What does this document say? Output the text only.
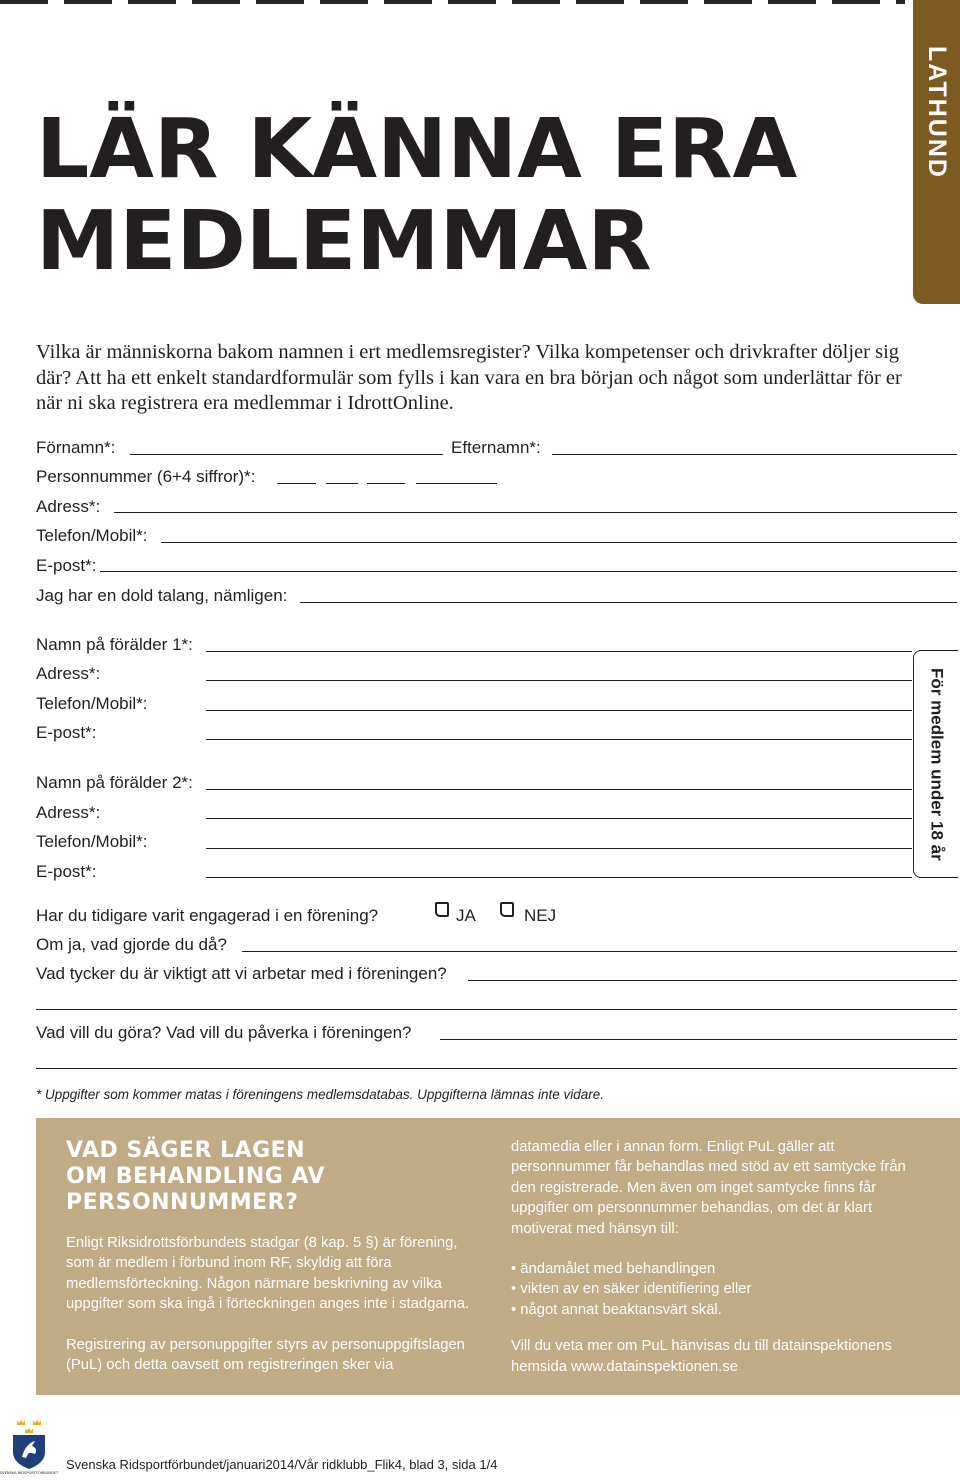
LATHUND
LÄR KÄNNA ERA
MEDLEMMAR
Vilka är människorna bakom namnen i ert medlemsregister? Vilka kompetenser och drivkrafter döljer sig där? Att ha ett enkelt standardformulär som fylls i kan vara en bra början och något som underlättar för er när ni ska registrera era medlemmar i IdrottOnline.
Förnamn*:	Efternamn*:
Personnummer (6+4 siffror)*:
Adress*:
Telefon/Mobil*:
E-post*:
Jag har en dold talang, nämligen:
Namn på förälder 1*:
Adress*:
Telefon/Mobil*:
E-post*:
Namn på förälder 2*:
Adress*:
Telefon/Mobil*:
E-post*:
För medlem under 18 år
Har du tidigare varit engagerad i en förening?	JA	NEJ
Om ja, vad gjorde du då?
Vad tycker du är viktigt att vi arbetar med i föreningen?
Vad vill du göra? Vad vill du påverka i föreningen?
* Uppgifter som kommer matas i föreningens medlemsdatabas. Uppgifterna lämnas inte vidare.
VAD SÄGER LAGEN
OM BEHANDLING AV
PERSONNUMMER?

Enligt Riksidrottsförbundets stadgar (8 kap. 5 §) är förening, som är medlem i förbund inom RF, skyldig att föra medlemsförteckning. Någon närmare beskrivning av vilka uppgifter som ska ingå i förteckningen anges inte i stadgarna.

Registrering av personuppgifter styrs av personuppgiftslagen (PuL) och detta oavsett om registreringen sker via

datamedia eller i annan form. Enligt PuL gäller att personnummer får behandlas med stöd av ett samtycke från den registrerade. Men även om inget samtycke finns får uppgifter om personnummer behandlas, om det är klart motiverat med hänsyn till:

• ändamålet med behandlingen
• vikten av en säker identifiering eller
• något annat beaktansvärt skäl.

Vill du veta mer om PuL hänvisas du till datainspektionens hemsida www.datainspektionen.se

SVENSKA RIDSPORTFÖRBUNDET
Svenska Ridsportförbundet/januari2014/Vår ridklubb_Flik4, blad 3, sida 1/4
